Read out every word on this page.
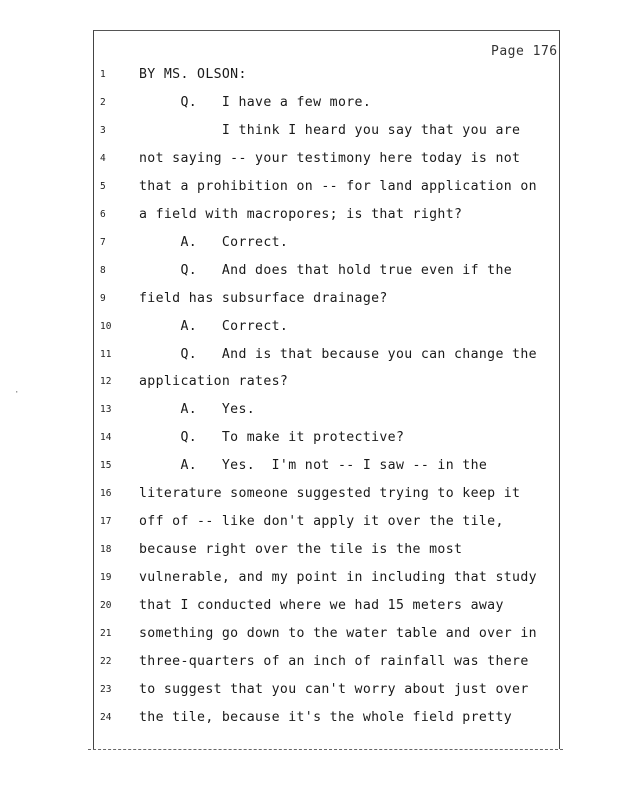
·
Page 176
1	BY MS. OLSON:
2	Q.   I have a few more.
3	I think I heard you say that you are
4	not saying -- your testimony here today is not
5	that a prohibition on -- for land application on
6	a field with macropores; is that right?
7	A.   Correct.
8	Q.   And does that hold true even if the
9	field has subsurface drainage?
10	A.   Correct.
11	Q.   And is that because you can change the
12	application rates?
13	A.   Yes.
14	Q.   To make it protective?
15	A.   Yes.  I'm not -- I saw -- in the
16	literature someone suggested trying to keep it
17	off of -- like don't apply it over the tile,
18	because right over the tile is the most
19	vulnerable, and my point in including that study
20	that I conducted where we had 15 meters away
21	something go down to the water table and over in
22	three-quarters of an inch of rainfall was there
23	to suggest that you can't worry about just over
24	the tile, because it's the whole field pretty
